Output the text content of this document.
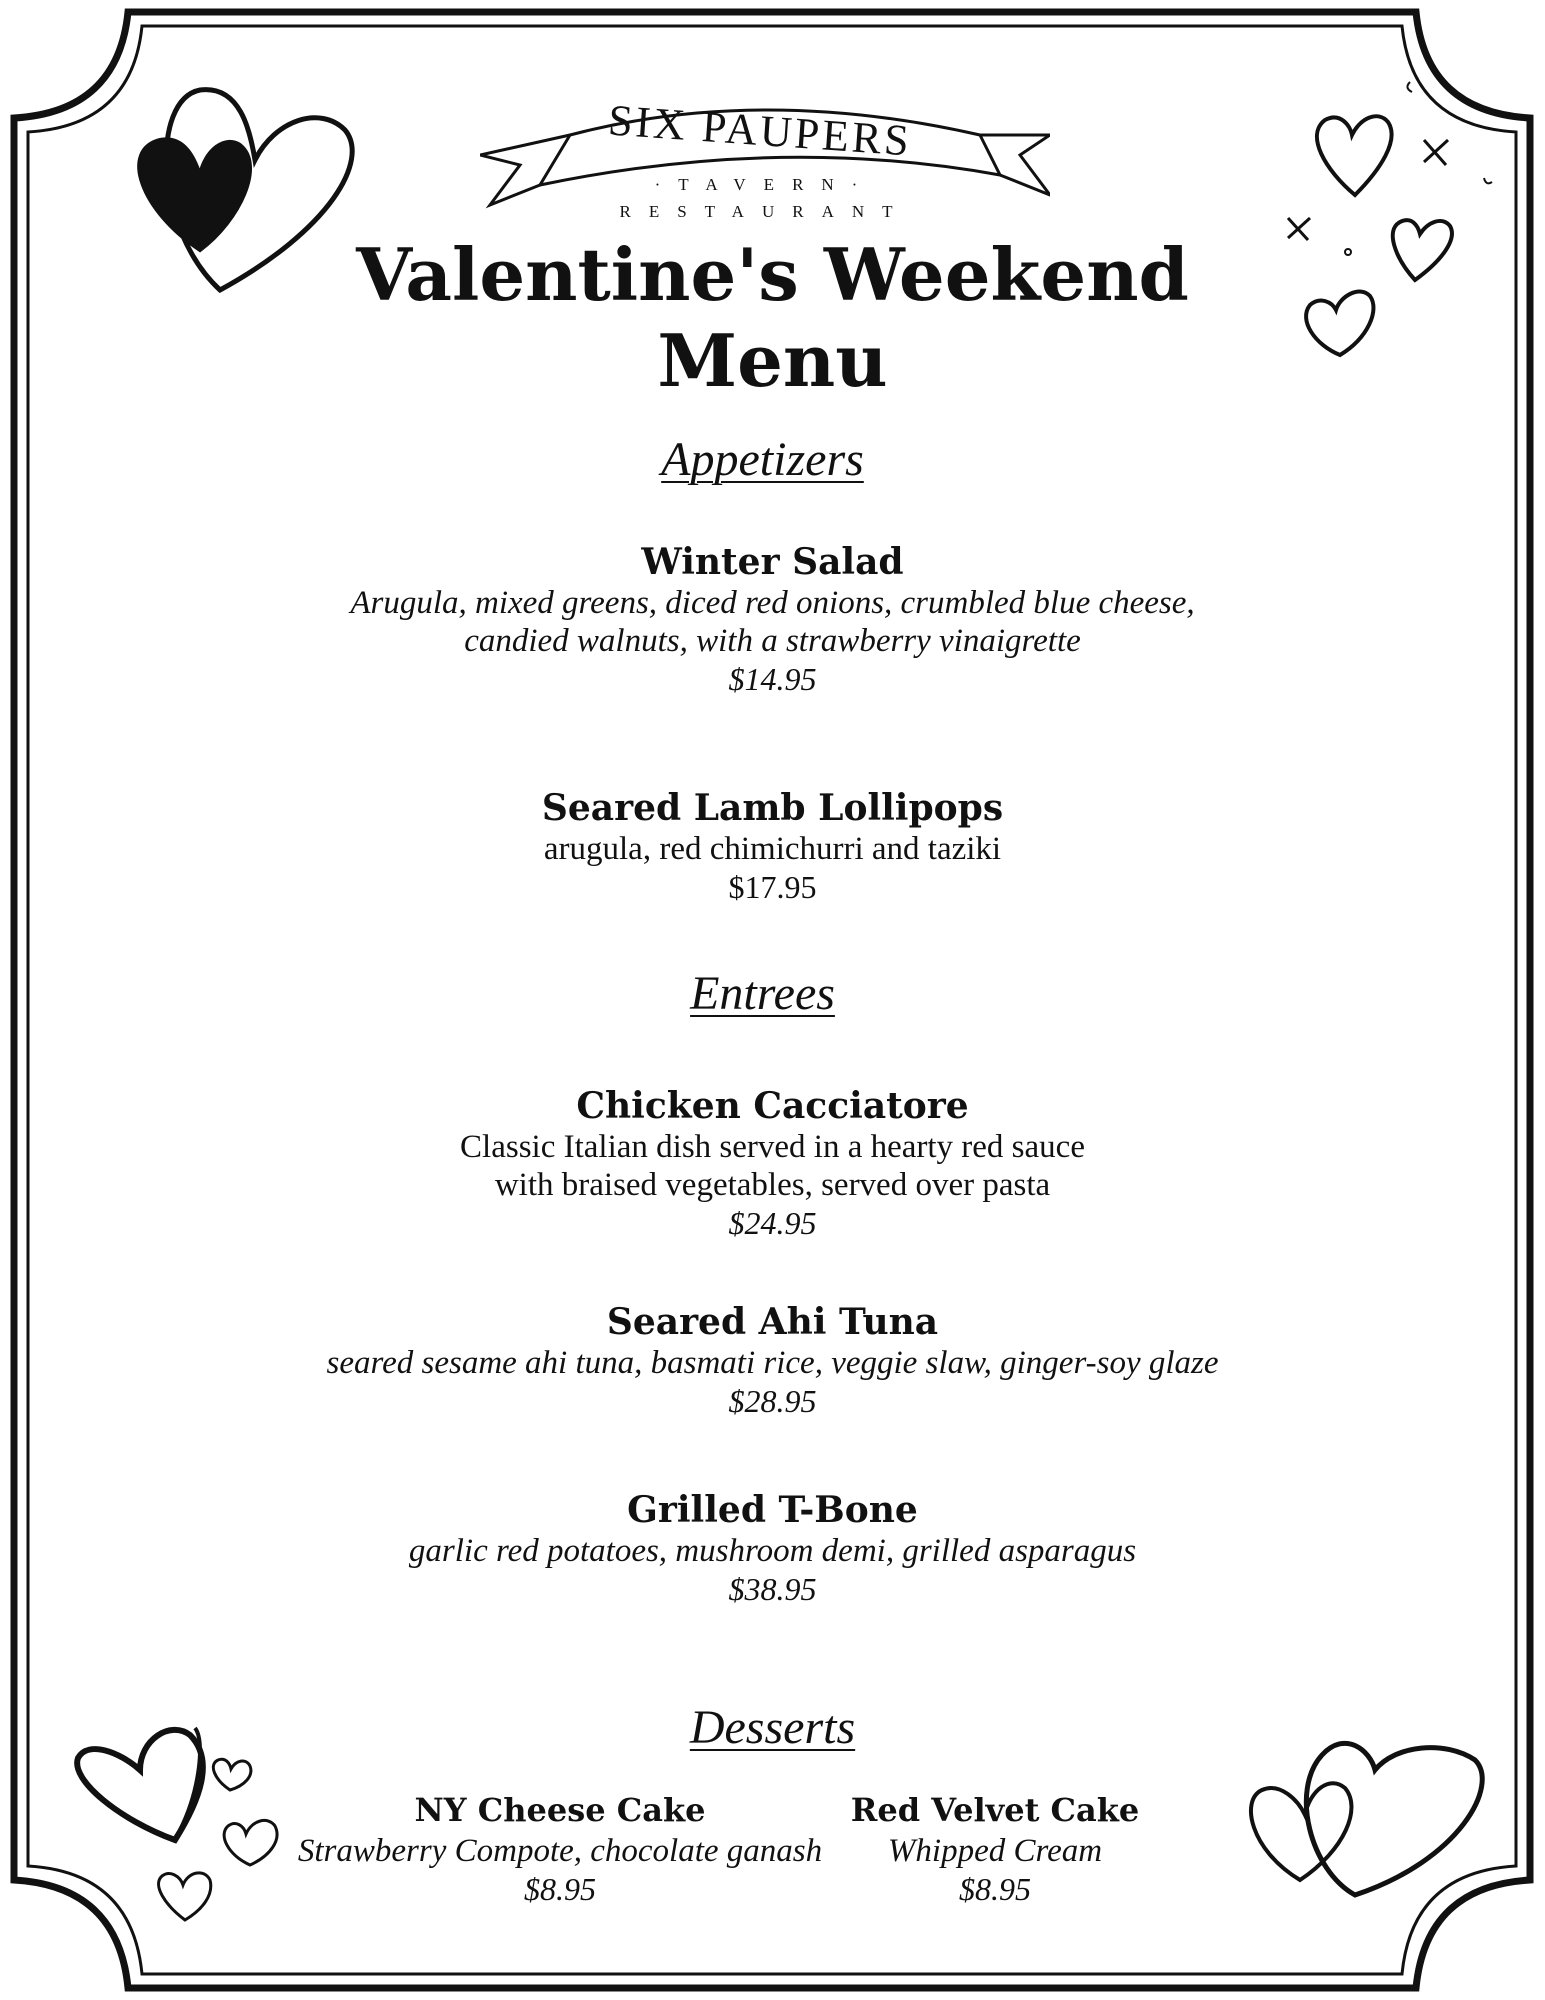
SIX PAUPERS
·TAVERN·
RESTAURANT
Valentine's Weekend
Menu
Appetizers
Winter Salad
Arugula, mixed greens, diced red onions, crumbled blue cheese,
candied walnuts, with a strawberry vinaigrette
$14.95
Seared Lamb Lollipops
arugula, red chimichurri and taziki
$17.95
Entrees
Chicken Cacciatore
Classic Italian dish served in a hearty red sauce
with braised vegetables, served over pasta
$24.95
Seared Ahi Tuna
seared sesame ahi tuna, basmati rice, veggie slaw, ginger-soy glaze
$28.95
Grilled T-Bone
garlic red potatoes, mushroom demi, grilled asparagus
$38.95
Desserts
NY Cheese Cake
Strawberry Compote, chocolate ganash
$8.95
Red Velvet Cake
Whipped Cream
$8.95
